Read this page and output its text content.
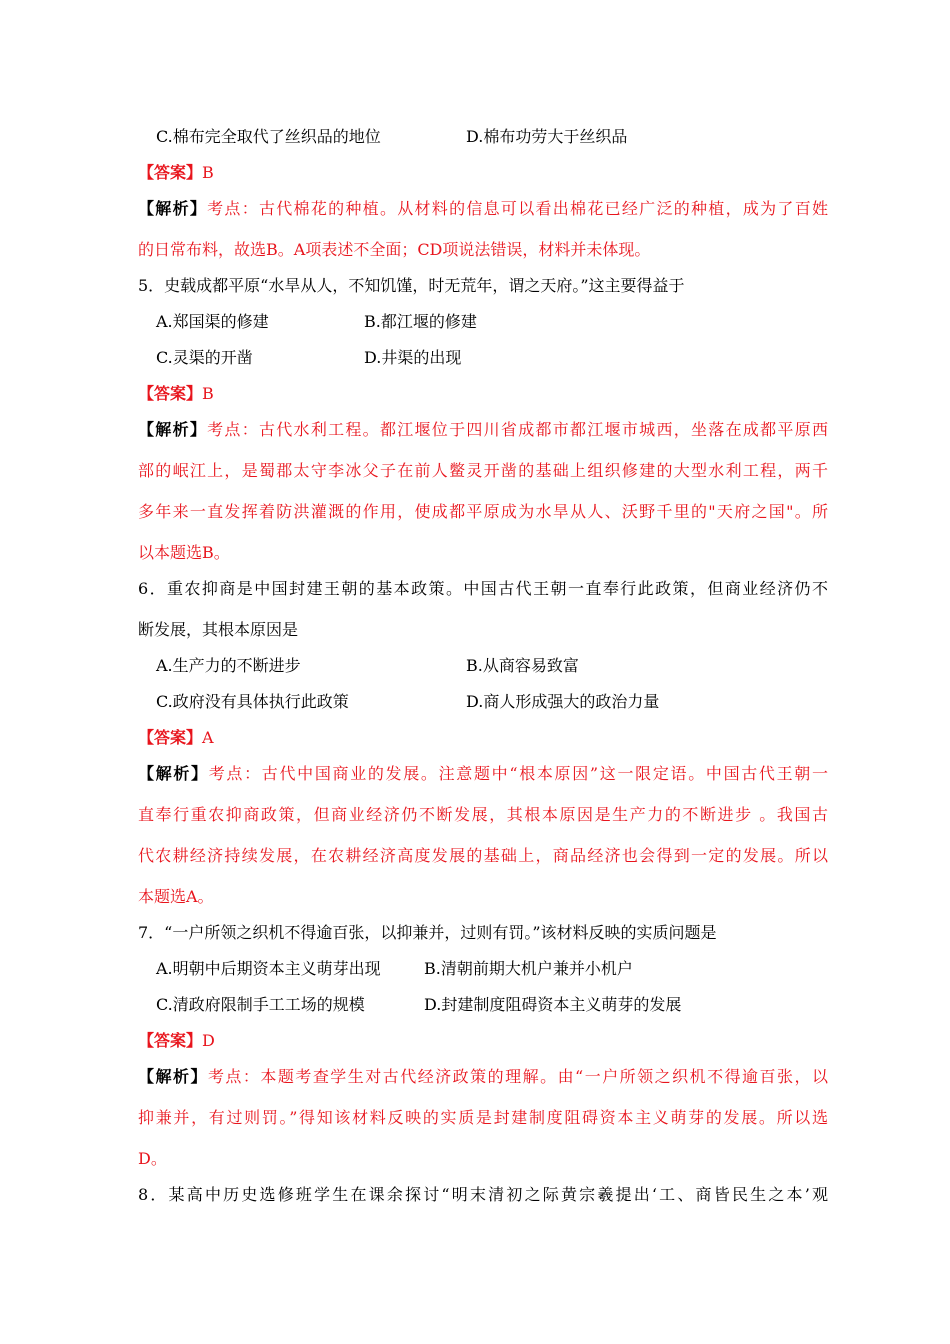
C.棉布完全取代了丝织品的地位	D.棉布功劳大于丝织品
【答案】B
【解析】考点：古代棉花的种植。从材料的信息可以看出棉花已经广泛的种植，成为了百姓
的日常布料，故选B。A项表述不全面；CD项说法错误，材料并未体现。
5．史载成都平原“水旱从人，不知饥馑，时无荒年，谓之天府。”这主要得益于
A.郑国渠的修建	B.都江堰的修建
C.灵渠的开凿	D.井渠的出现
【答案】B
【解析】考点：古代水利工程。都江堰位于四川省成都市都江堰市城西，坐落在成都平原西
部的岷江上，是蜀郡太守李冰父子在前人鳖灵开凿的基础上组织修建的大型水利工程，两千
多年来一直发挥着防洪灌溉的作用，使成都平原成为水旱从人、沃野千里的"天府之国"。所
以本题选B。
6．重农抑商是中国封建王朝的基本政策。中国古代王朝一直奉行此政策，但商业经济仍不
断发展，其根本原因是
A.生产力的不断进步	B.从商容易致富
C.政府没有具体执行此政策	D.商人形成强大的政治力量
【答案】A
【解析】考点：古代中国商业的发展。注意题中“根本原因”这一限定语。中国古代王朝一
直奉行重农抑商政策，但商业经济仍不断发展，其根本原因是生产力的不断进步 。我国古
代农耕经济持续发展，在农耕经济高度发展的基础上，商品经济也会得到一定的发展。所以
本题选A。
7．“一户所领之织机不得逾百张，以抑兼并，过则有罚。”该材料反映的实质问题是
A.明朝中后期资本主义萌芽出现	B.清朝前期大机户兼并小机户
C.清政府限制手工工场的规模	D.封建制度阻碍资本主义萌芽的发展
【答案】D
【解析】考点：本题考查学生对古代经济政策的理解。由“一户所领之织机不得逾百张，以
抑兼并，有过则罚。”得知该材料反映的实质是封建制度阻碍资本主义萌芽的发展。所以选
D。
8．某高中历史选修班学生在课余探讨“明末清初之际黄宗羲提出‘工、商皆民生之本’观
